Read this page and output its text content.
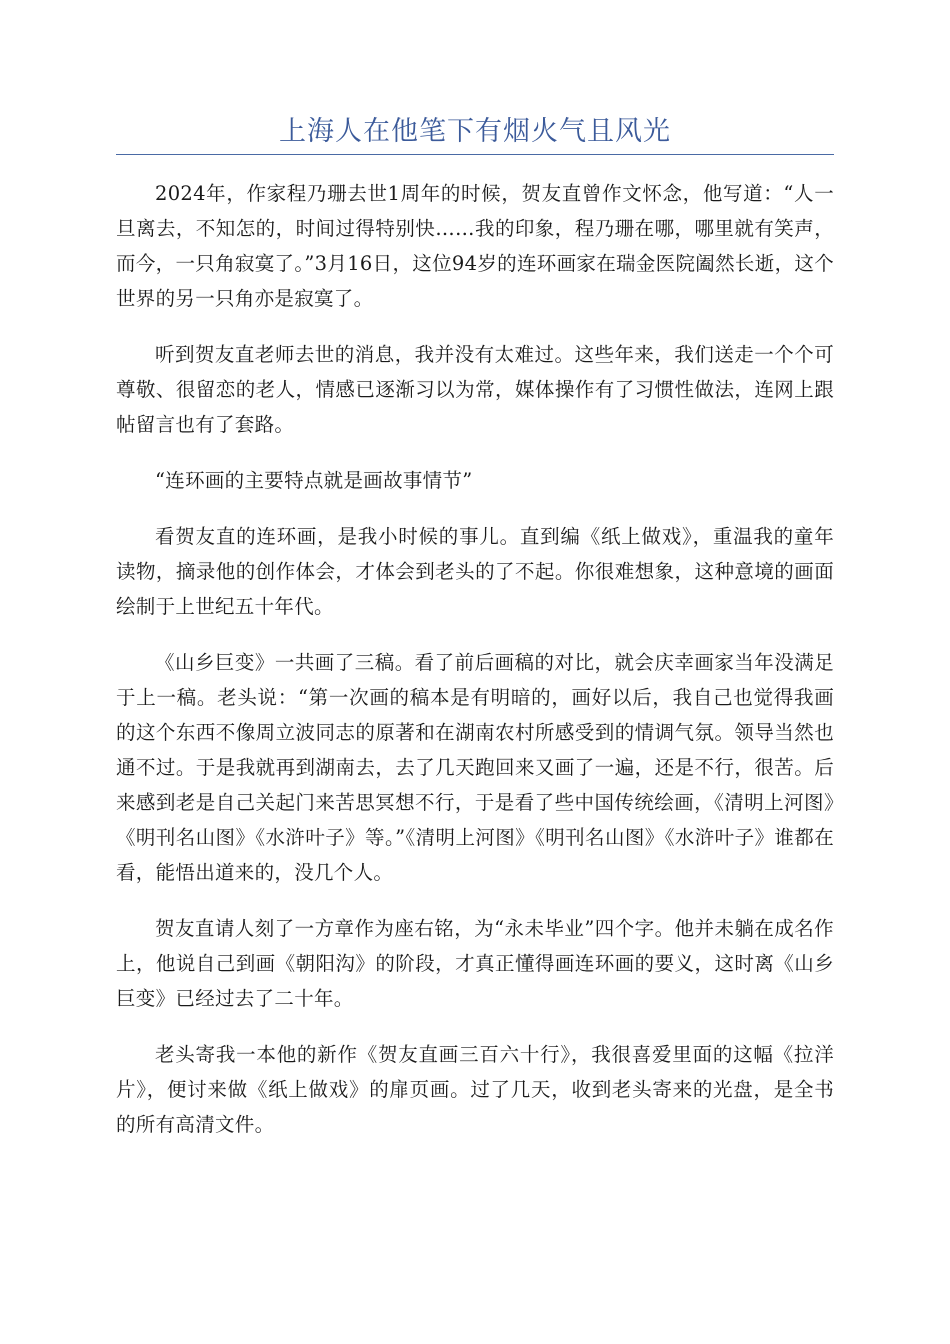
上海人在他笔下有烟火气且风光

2024年，作家程乃珊去世1周年的时候，贺友直曾作文怀念，他写道：“人一旦离去，不知怎的，时间过得特别快……我的印象，程乃珊在哪，哪里就有笑声，而今，一只角寂寞了。”3月16日，这位94岁的连环画家在瑞金医院阖然长逝，这个世界的另一只角亦是寂寞了。

听到贺友直老师去世的消息，我并没有太难过。这些年来，我们送走一个个可尊敬、很留恋的老人，情感已逐渐习以为常，媒体操作有了习惯性做法，连网上跟帖留言也有了套路。

“连环画的主要特点就是画故事情节”

看贺友直的连环画，是我小时候的事儿。直到编《纸上做戏》，重温我的童年读物，摘录他的创作体会，才体会到老头的了不起。你很难想象，这种意境的画面绘制于上世纪五十年代。

《山乡巨变》一共画了三稿。看了前后画稿的对比，就会庆幸画家当年没满足于上一稿。老头说：“第一次画的稿本是有明暗的，画好以后，我自己也觉得我画的这个东西不像周立波同志的原著和在湖南农村所感受到的情调气氛。领导当然也通不过。于是我就再到湖南去，去了几天跑回来又画了一遍，还是不行，很苦。后来感到老是自己关起门来苦思冥想不行，于是看了些中国传统绘画，《清明上河图》《明刊名山图》《水浒叶子》等。”《清明上河图》《明刊名山图》《水浒叶子》谁都在看，能悟出道来的，没几个人。

贺友直请人刻了一方章作为座右铭，为“永未毕业”四个字。他并未躺在成名作上，他说自己到画《朝阳沟》的阶段，才真正懂得画连环画的要义，这时离《山乡巨变》已经过去了二十年。

老头寄我一本他的新作《贺友直画三百六十行》，我很喜爱里面的这幅《拉洋片》，便讨来做《纸上做戏》的扉页画。过了几天，收到老头寄来的光盘，是全书的所有高清文件。
